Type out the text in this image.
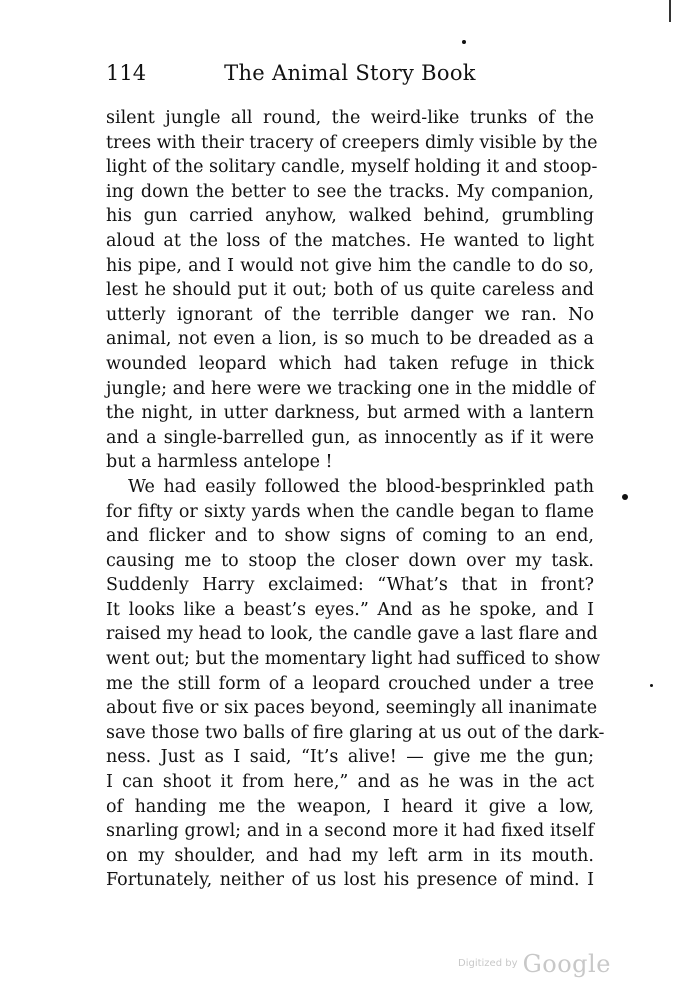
114	The Animal Story Book
silent jungle all round, the weird-like trunks of the
trees with their tracery of creepers dimly visible by the
light of the solitary candle, myself holding it and stoop-
ing down the better to see the tracks. My companion,
his gun carried anyhow, walked behind, grumbling
aloud at the loss of the matches. He wanted to light
his pipe, and I would not give him the candle to do so,
lest he should put it out; both of us quite careless and
utterly ignorant of the terrible danger we ran. No
animal, not even a lion, is so much to be dreaded as a
wounded leopard which had taken refuge in thick
jungle; and here were we tracking one in the middle of
the night, in utter darkness, but armed with a lantern
and a single-barrelled gun, as innocently as if it were
but a harmless antelope !
We had easily followed the blood-besprinkled path
for fifty or sixty yards when the candle began to flame
and flicker and to show signs of coming to an end,
causing me to stoop the closer down over my task.
Suddenly Harry exclaimed: “What’s that in front?
It looks like a beast’s eyes.” And as he spoke, and I
raised my head to look, the candle gave a last flare and
went out; but the momentary light had sufficed to show
me the still form of a leopard crouched under a tree
about five or six paces beyond, seemingly all inanimate
save those two balls of fire glaring at us out of the dark-
ness. Just as I said, “It’s alive! — give me the gun;
I can shoot it from here,” and as he was in the act
of handing me the weapon, I heard it give a low,
snarling growl; and in a second more it had fixed itself
on my shoulder, and had my left arm in its mouth.
Fortunately, neither of us lost his presence of mind. I
$^{Digitized by}$ Google
